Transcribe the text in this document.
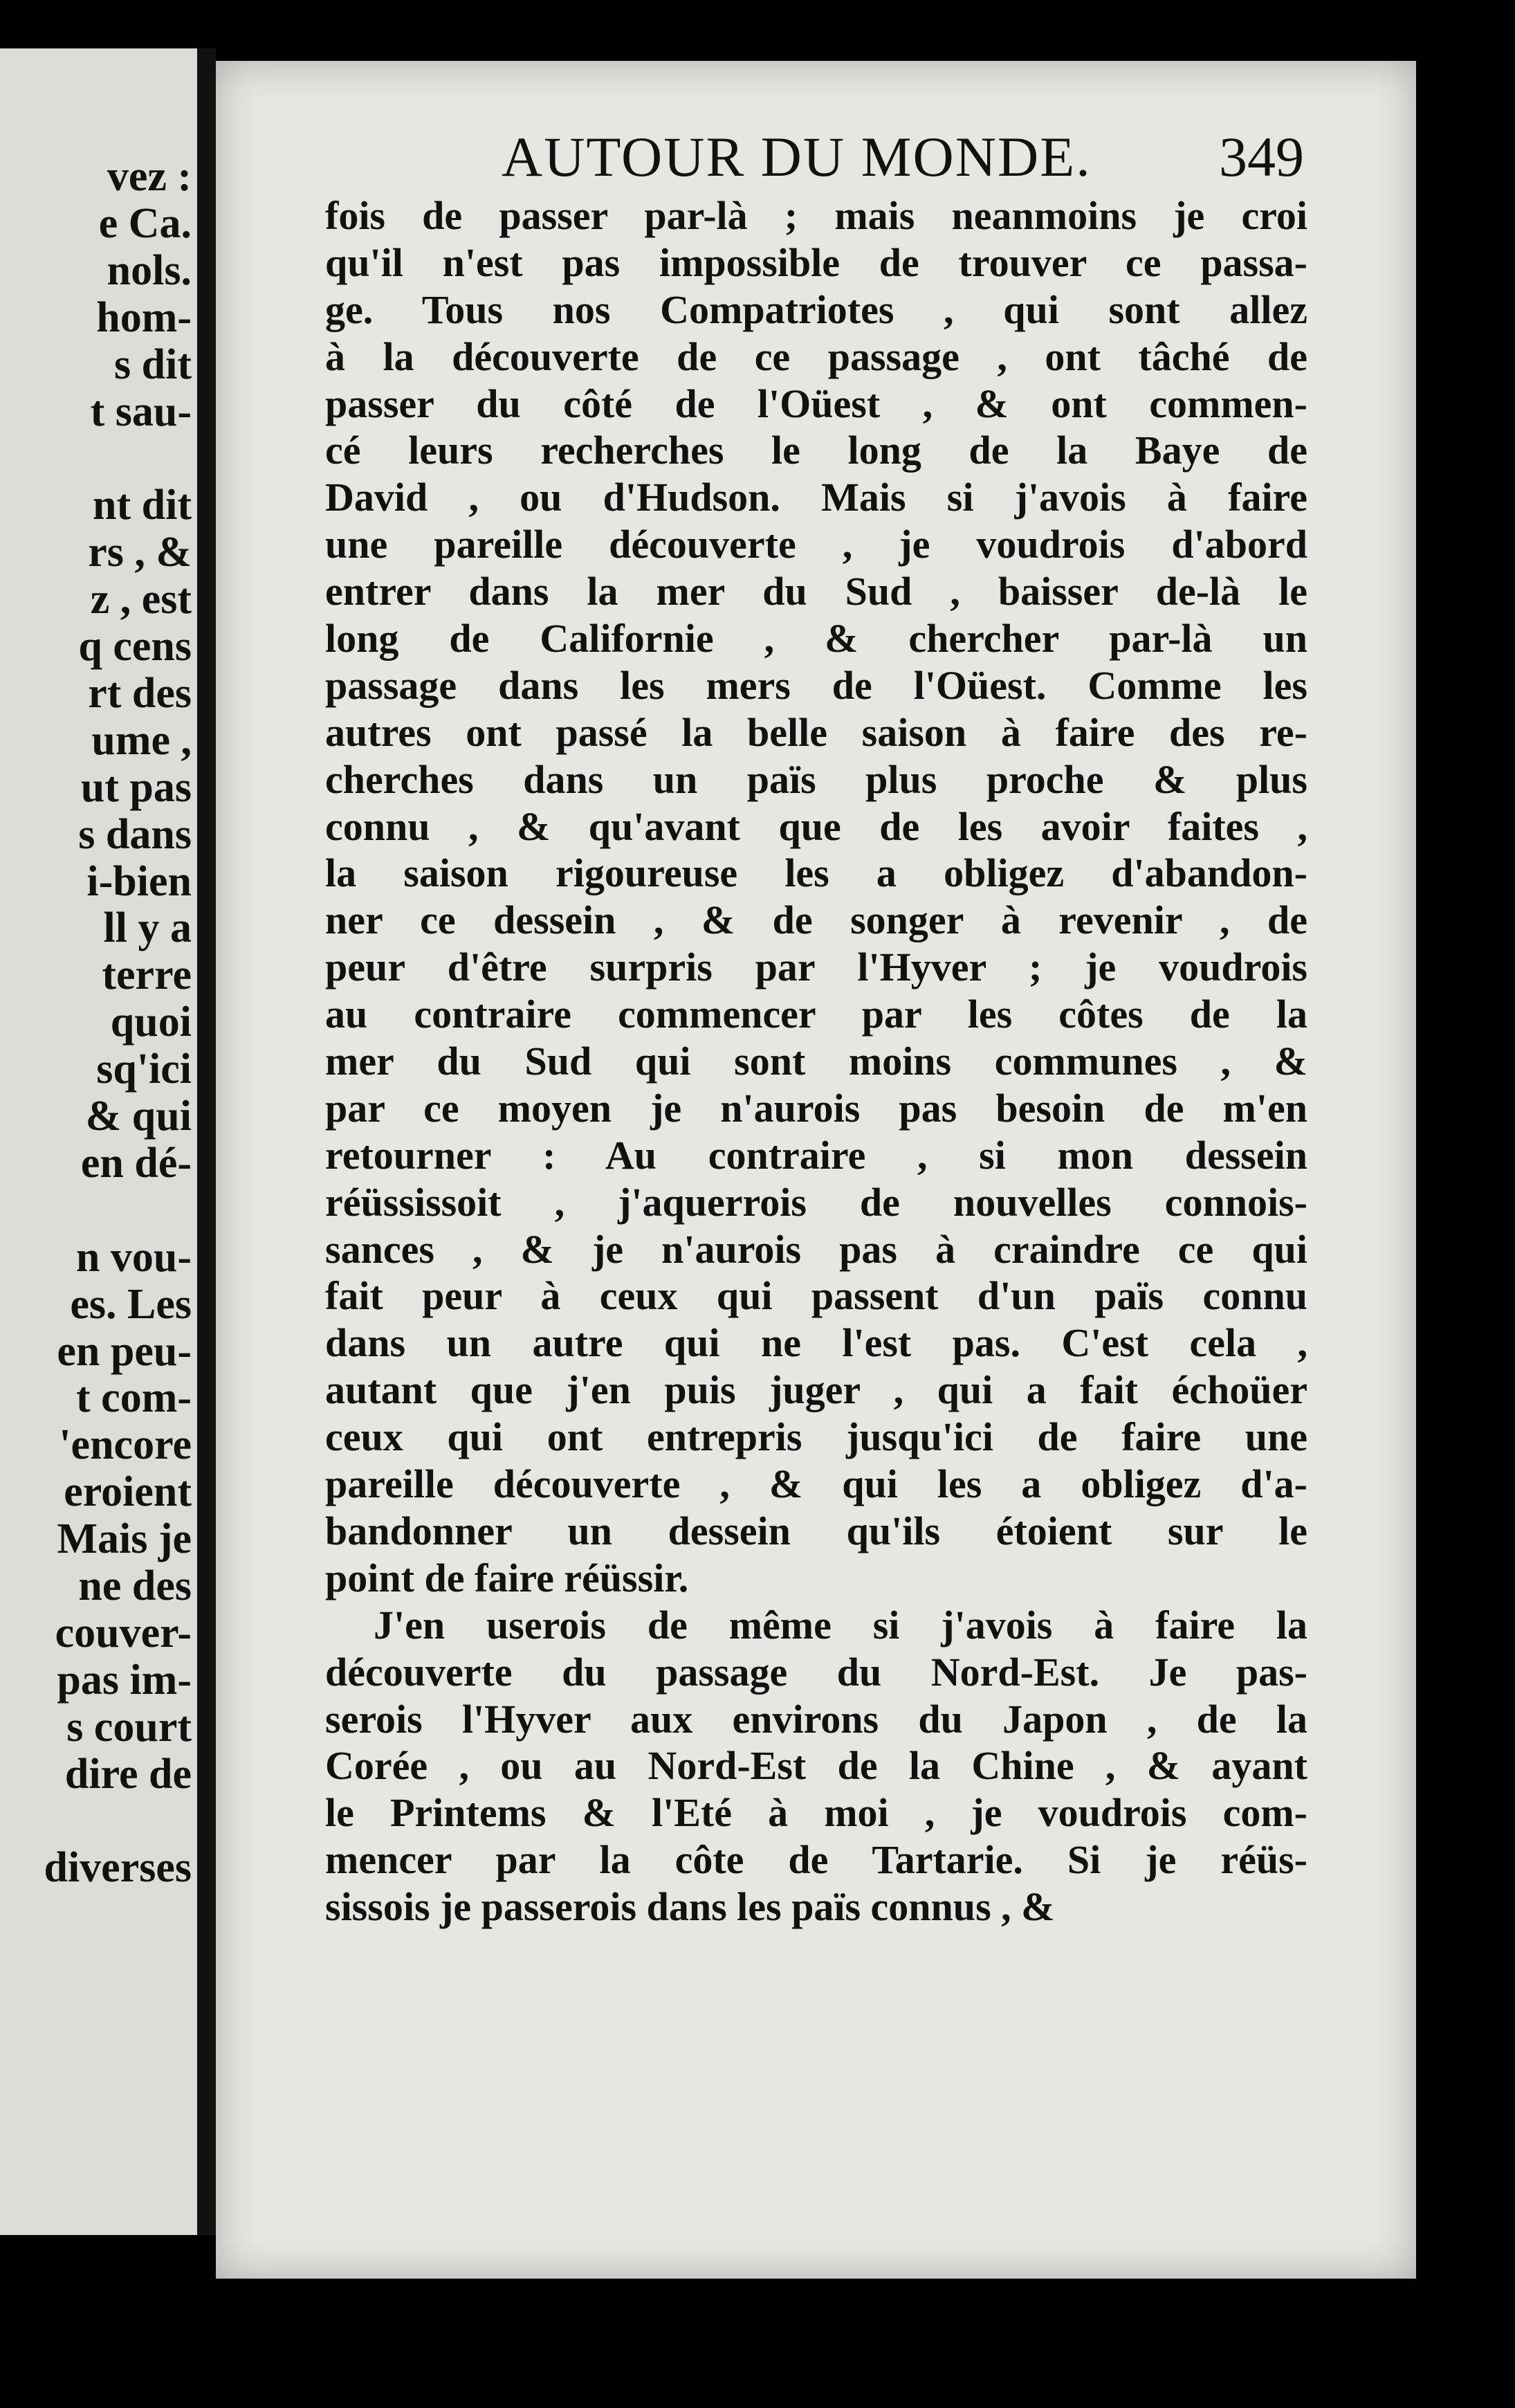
vez :
e Ca.
nols.
hom-
s dit
t sau-
nt dit
rs , &
z , est
q cens
rt des
ume ,
ut pas
s dans
i-bien
ll y a
terre
quoi
sq'ici
& qui
en dé-
n vou-
es. Les
en peu-
t com-
'encore
eroient
Mais je
ne des
couver-
pas im-
s court
dire de
diverses
AUTOUR DU MONDE. 349
fois de passer par-là ; mais neanmoins je croi
qu'il n'est pas impossible de trouver ce passa-
ge. Tous nos Compatriotes , qui sont allez
à la découverte de ce passage , ont tâché de
passer du côté de l'Oüest , & ont commen-
cé leurs recherches le long de la Baye de
David , ou d'Hudson. Mais si j'avois à faire
une pareille découverte , je voudrois d'abord
entrer dans la mer du Sud , baisser de-là le
long de Californie , & chercher par-là un
passage dans les mers de l'Oüest. Comme les
autres ont passé la belle saison à faire des re-
cherches dans un païs plus proche & plus
connu , & qu'avant que de les avoir faites ,
la saison rigoureuse les a obligez d'abandon-
ner ce dessein , & de songer à revenir , de
peur d'être surpris par l'Hyver ; je voudrois
au contraire commencer par les côtes de la
mer du Sud qui sont moins communes , &
par ce moyen je n'aurois pas besoin de m'en
retourner : Au contraire , si mon dessein
réüssissoit , j'aquerrois de nouvelles connois-
sances , & je n'aurois pas à craindre ce qui
fait peur à ceux qui passent d'un païs connu
dans un autre qui ne l'est pas. C'est cela ,
autant que j'en puis juger , qui a fait échoüer
ceux qui ont entrepris jusqu'ici de faire une
pareille découverte , & qui les a obligez d'a-
bandonner un dessein qu'ils étoient sur le
point de faire réüssir.
J'en userois de même si j'avois à faire la
découverte du passage du Nord-Est. Je pas-
serois l'Hyver aux environs du Japon , de la
Corée , ou au Nord-Est de la Chine , & ayant
le Printems & l'Eté à moi , je voudrois com-
mencer par la côte de Tartarie. Si je réüs-
sissois je passerois dans les païs connus , &
